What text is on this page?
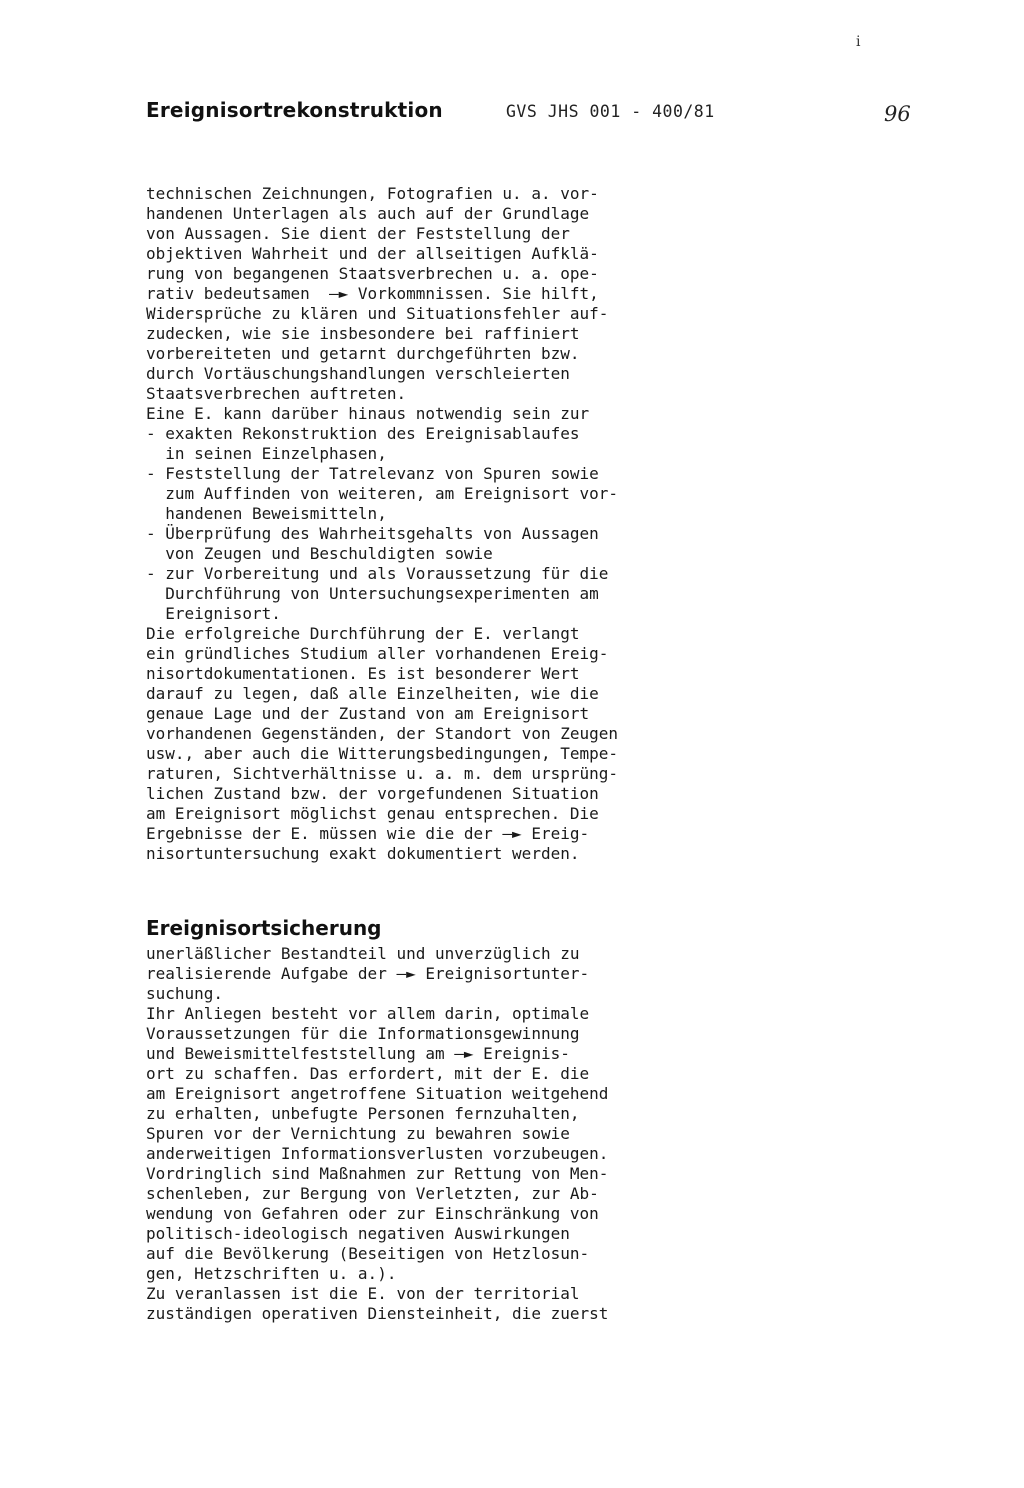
ı̇
Ereignisortrekonstruktion	GVS JHS 001 - 400/81	96
technischen Zeichnungen, Fotografien u. a. vor-
handenen Unterlagen als auch auf der Grundlage
von Aussagen. Sie dient der Feststellung der
objektiven Wahrheit und der allseitigen Aufklä-
rung von begangenen Staatsverbrechen u. a. ope-
rativ bedeutsamen  —► Vorkommnissen. Sie hilft,
Widersprüche zu klären und Situationsfehler auf-
zudecken, wie sie insbesondere bei raffiniert
vorbereiteten und getarnt durchgeführten bzw.
durch Vortäuschungshandlungen verschleierten
Staatsverbrechen auftreten.
Eine E. kann darüber hinaus notwendig sein zur
- exakten Rekonstruktion des Ereignisablaufes
in seinen Einzelphasen,
- Feststellung der Tatrelevanz von Spuren sowie
zum Auffinden von weiteren, am Ereignisort vor-
handenen Beweismitteln,
- Überprüfung des Wahrheitsgehalts von Aussagen
von Zeugen und Beschuldigten sowie
- zur Vorbereitung und als Voraussetzung für die
Durchführung von Untersuchungsexperimenten am
Ereignisort.
Die erfolgreiche Durchführung der E. verlangt
ein gründliches Studium aller vorhandenen Ereig-
nisortdokumentationen. Es ist besonderer Wert
darauf zu legen, daß alle Einzelheiten, wie die
genaue Lage und der Zustand von am Ereignisort
vorhandenen Gegenständen, der Standort von Zeugen
usw., aber auch die Witterungsbedingungen, Tempe-
raturen, Sichtverhältnisse u. a. m. dem ursprüng-
lichen Zustand bzw. der vorgefundenen Situation
am Ereignisort möglichst genau entsprechen. Die
Ergebnisse der E. müssen wie die der —► Ereig-
nisortuntersuchung exakt dokumentiert werden.
Ereignisortsicherung
unerläßlicher Bestandteil und unverzüglich zu
realisierende Aufgabe der —► Ereignisortunter-
suchung.
Ihr Anliegen besteht vor allem darin, optimale
Voraussetzungen für die Informationsgewinnung
und Beweismittelfeststellung am —► Ereignis-
ort zu schaffen. Das erfordert, mit der E. die
am Ereignisort angetroffene Situation weitgehend
zu erhalten, unbefugte Personen fernzuhalten,
Spuren vor der Vernichtung zu bewahren sowie
anderweitigen Informationsverlusten vorzubeugen.
Vordringlich sind Maßnahmen zur Rettung von Men-
schenleben, zur Bergung von Verletzten, zur Ab-
wendung von Gefahren oder zur Einschränkung von
politisch-ideologisch negativen Auswirkungen
auf die Bevölkerung (Beseitigen von Hetzlosun-
gen, Hetzschriften u. a.).
Zu veranlassen ist die E. von der territorial
zuständigen operativen Diensteinheit, die zuerst
